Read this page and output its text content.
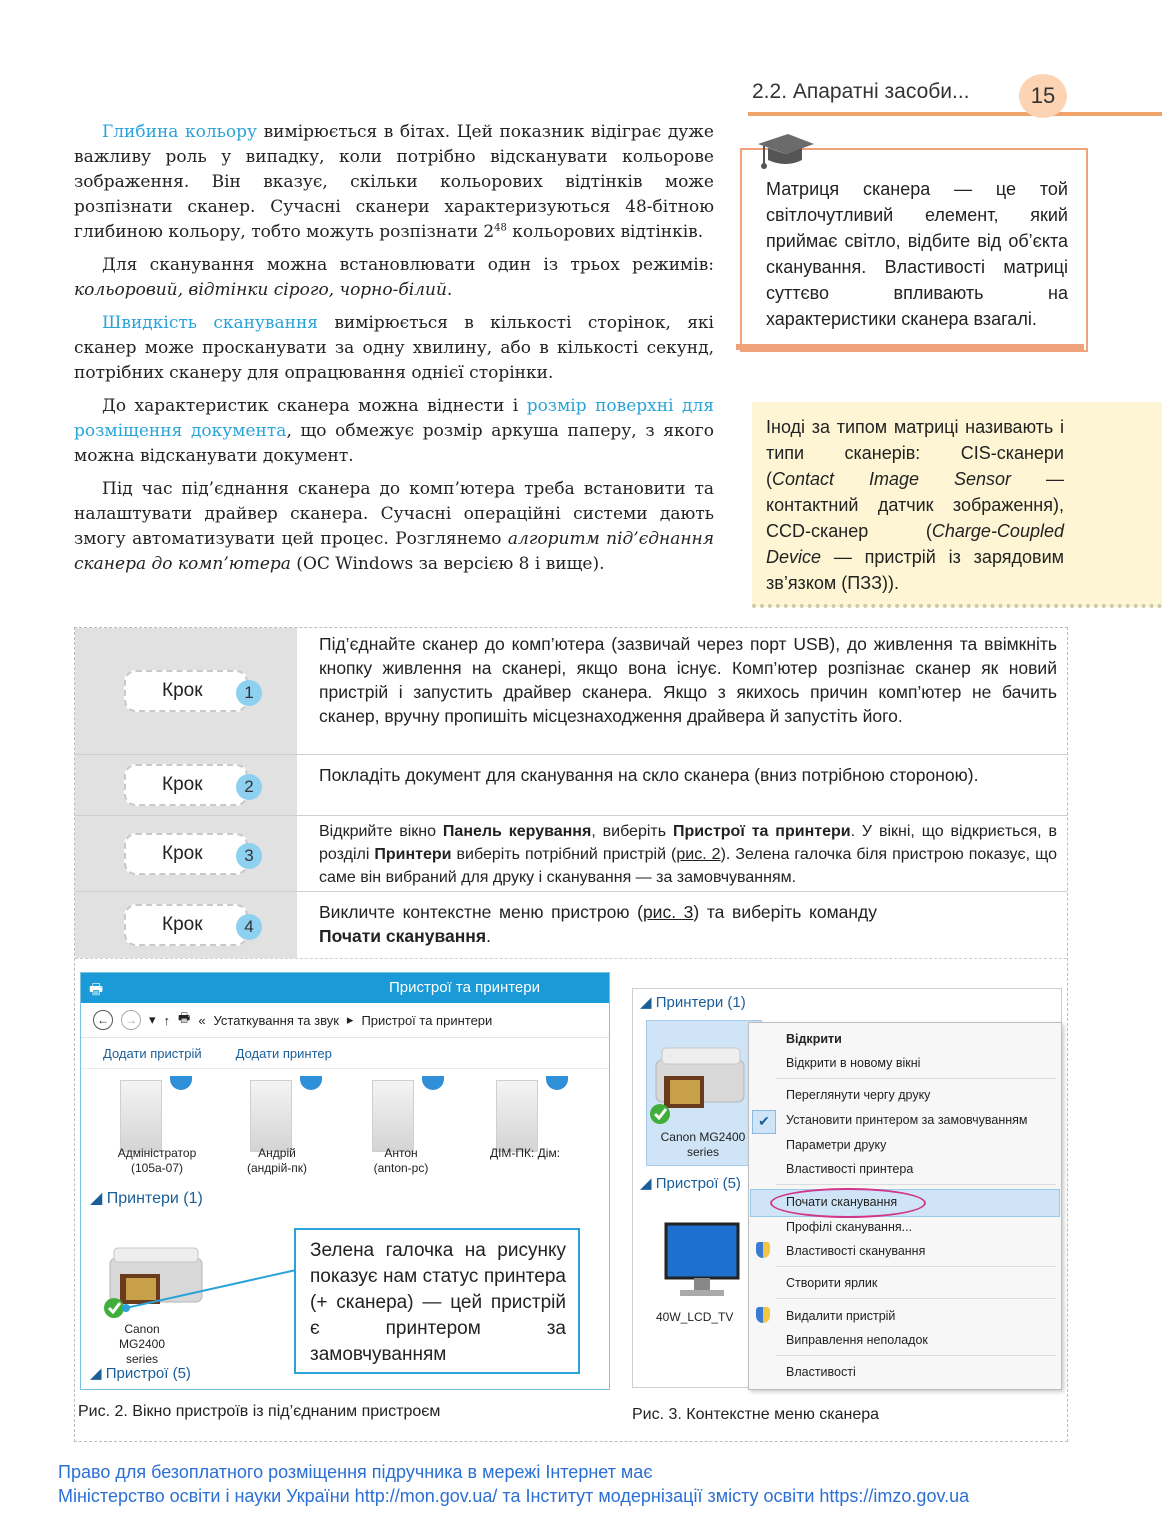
2.2. Апаратні засоби...	15

Глибина кольору вимірюється в бітах. Цей показник відіграє дуже важливу роль у випадку, коли потрібно відсканувати кольорове зображення. Він вказує, скільки кольорових відтінків може розпізнати сканер. Сучасні сканери характеризуються 48-бітною глибиною кольору, тобто можуть розпізнати $2^{48}$ кольорових відтінків.

Для сканування можна встановлювати один із трьох режимів: кольоровий, відтінки сірого, чорно-білий.

Швидкість сканування вимірюється в кількості сторінок, які сканер може просканувати за одну хвилину, або в кількості секунд, потрібних сканеру для опрацювання однієї сторінки.

До характеристик сканера можна віднести і розмір поверхні для розміщення документа, що обмежує розмір аркуша паперу, з якого можна відсканувати документ.

Під час під’єднання сканера до комп’ютера треба встановити та налаштувати драйвер сканера. Сучасні операційні системи дають змогу автоматизувати цей процес. Розглянемо алгоритм під’єднання сканера до комп’ютера (ОС Windows за версією 8 і вище).

Матриця сканера — це той світлочутливий елемент, який приймає світло, відбите від об’єкта сканування. Властивості матриці суттєво впливають на характеристики сканера взагалі.
Іноді за типом матриці називають і типи сканерів: CIS-сканери (Contact Image Sensor — контактний датчик зображення), CCD-сканер (Charge-Coupled Device — пристрій із зарядовим зв’язком (ПЗЗ)).
Крок	1
Під’єднайте сканер до комп’ютера (зазвичай через порт USB), до живлення та ввімкніть кнопку живлення на сканері, якщо вона існує. Комп’ютер розпізнає сканер як новий пристрій і запустить драйвер сканера. Якщо з якихось причин комп’ютер не бачить сканер, вручну пропишіть місцезнаходження драйвера й запустіть його.
Крок	2
Покладіть документ для сканування на скло сканера (вниз потрібною стороною).
Крок	3
Відкрийте вікно Панель керування, виберіть Пристрої та принтери. У вікні, що відкриється, в розділі Принтери виберіть потрібний пристрій (рис. 2). Зелена галочка біля пристрою показує, що саме він вибраний для друку і сканування — за замовчуванням.
Крок	4
Викличте контекстне меню пристрою (рис. 3) та виберіть команду Почати сканування.
🖶	Пристрої та принтери
←	→ ▾ ↑ 🖶 « Устаткування та звук ▸ Пристрої та принтери
Додати пристрій	Додати принтер
Адміністратор
(105а-07)
Андрій
(андрій-пк)
Антон
(anton-pc)
ДІМ-ПК: Дім:
◢ Принтери (1)
Canon MG2400 series
◢ Пристрої (5)
Зелена галочка на рисунку показує нам статус принтера (+ сканера) — цей пристрій є принтером за замовчуванням
Рис. 2. Вікно пристроїв із під’єднаним пристроєм
◢ Принтери (1)
Canon MG2400 series
◢ Пристрої (5)
40W_LCD_TV
✔
Відкрити
Відкрити в новому вікні
Переглянути чергу друку
Установити принтером за замовчуванням
Параметри друку
Властивості принтера
Почати сканування
Профілі сканування...
Властивості сканування
Створити ярлик
Видалити пристрій
Виправлення неполадок
Властивості
Рис. 3. Контекстне меню сканера
Право для безоплатного розміщення підручника в мережі Інтернет має
Міністерство освіти і науки України http://mon.gov.ua/ та Інститут модернізації змісту освіти https://imzo.gov.ua
